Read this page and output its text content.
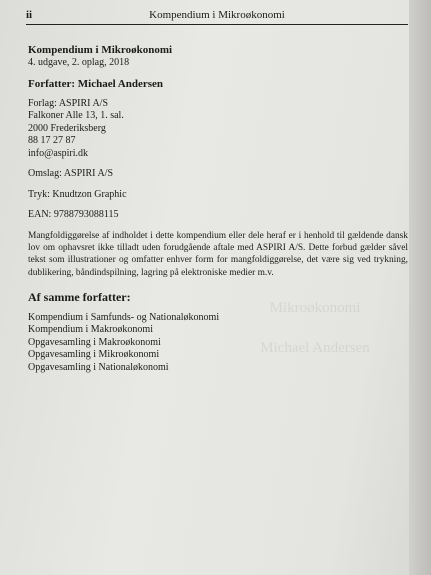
ii	Kompendium i Mikroøkonomi
Mikroøkonomi
Michael Andersen

Kompendium i Mikroøkonomi

4. udgave, 2. oplag, 2018

Forfatter: Michael Andersen

Forlag: ASPIRI A/S
Falkoner Alle 13, 1. sal.
2000 Frederiksberg
88 17 27 87
info@aspiri.dk
Omslag: ASPIRI A/S
Tryk: Knudtzon Graphic
EAN: 9788793088115

Mangfoldiggørelse af indholdet i dette kompendium eller dele heraf er i henhold til gældende dansk lov om ophavsret ikke tilladt uden forudgående aftale med ASPIRI A/S. Dette forbud gælder såvel tekst som illustrationer og omfatter enhver form for mangfoldiggørelse, det være sig ved trykning, dublikering, båndindspilning, lagring på elektroniske medier m.v.

Af samme forfatter:

Kompendium i Samfunds- og Nationaløkonomi
Kompendium i Makroøkonomi
Opgavesamling i Makroøkonomi
Opgavesamling i Mikroøkonomi
Opgavesamling i Nationaløkonomi
